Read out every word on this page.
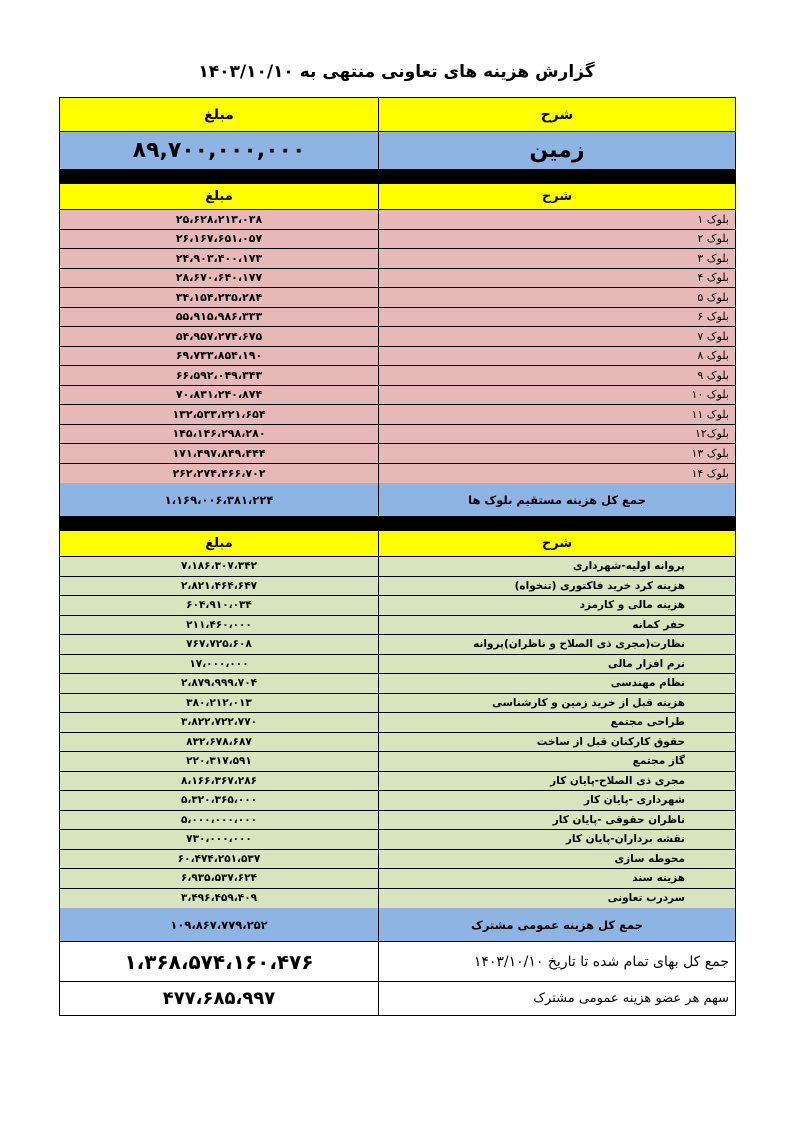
گزارش هزینه های تعاونی منتهی به ۱۴۰۳/۱۰/۱۰
شرح
مبلغ
زمین
۸۹,۷۰۰,۰۰۰,۰۰۰
شرح
مبلغ
بلوک ۱
۲۵،۶۲۸،۲۱۳،۰۳۸
بلوک ۲
۲۶،۱۶۷،۶۵۱،۰۵۷
بلوک ۳
۲۴،۹۰۳،۴۰۰،۱۷۳
بلوک ۴
۲۸،۶۷۰،۶۴۰،۱۷۷
بلوک ۵
۳۴،۱۵۴،۲۳۵،۲۸۴
بلوک ۶
۵۵،۹۱۵،۹۸۶،۳۳۳
بلوک ۷
۵۴،۹۵۷،۲۷۴،۶۷۵
بلوک ۸
۶۹،۷۳۳،۸۵۴،۱۹۰
بلوک ۹
۶۶،۵۹۲،۰۴۹،۳۴۳
بلوک ۱۰
۷۰،۸۳۱،۲۴۰،۸۷۴
بلوک ۱۱
۱۳۲،۵۳۳،۲۲۱،۶۵۴
بلوک۱۲
۱۴۵،۱۴۶،۲۹۸،۲۸۰
بلوک ۱۳
۱۷۱،۴۹۷،۸۴۹،۴۴۴
بلوک ۱۴
۲۶۲،۲۷۴،۴۶۶،۷۰۲
جمع کل هزینه مستقیم بلوک ها
۱،۱۶۹،۰۰۶،۳۸۱،۲۲۴
شرح
مبلغ
پروانه اولیه-شهرداری
۷،۱۸۶،۳۰۷،۳۴۲
هزینه کرد خرید فاکتوری (تنخواه)
۲،۸۲۱،۴۶۴،۶۴۷
هزینه مالی و کارمزد
۶۰۴،۹۱۰،۰۳۴
حفر کمانه
۲۱۱،۴۶۰،۰۰۰
نظارت(مجری ذی الصلاح و ناظران)پروانه
۷۶۷،۷۲۵،۶۰۸
نرم افزار مالی
۱۷،۰۰۰،۰۰۰
نظام مهندسی
۲،۸۷۹،۹۹۹،۷۰۴
هزینه قبل از خرید زمین و کارشناسی
۳۸۰،۲۱۲،۰۱۳
طراحی مجتمع
۳،۸۲۲،۷۲۲،۷۷۰
حقوق کارکنان قبل از ساخت
۸۳۲،۶۷۸،۶۸۷
گاز مجتمع
۲۲۰،۳۱۷،۵۹۱
مجری ذی الصلاح-پایان کار
۸،۱۶۶،۳۶۷،۲۸۶
شهرداری -پایان کار
۵،۳۲۰،۳۶۵،۰۰۰
ناظران حقوقی -پایان کار
۵،۰۰۰،۰۰۰،۰۰۰
نقشه برداران-پایان کار
۷۳۰،۰۰۰،۰۰۰
محوطه سازی
۶۰،۴۷۴،۲۵۱،۵۳۷
هزینه سند
۶،۹۳۵،۵۳۷،۶۲۴
سردرب تعاونی
۳،۴۹۶،۴۵۹،۴۰۹
جمع کل هزینه عمومی مشترک
۱۰۹،۸۶۷،۷۷۹،۲۵۲
جمع کل بهای تمام شده تا تاریخ ۱۴۰۳/۱۰/۱۰
۱،۳۶۸،۵۷۴،۱۶۰،۴۷۶
سهم هر عضو هزینه عمومی مشترک
۴۷۷،۶۸۵،۹۹۷
